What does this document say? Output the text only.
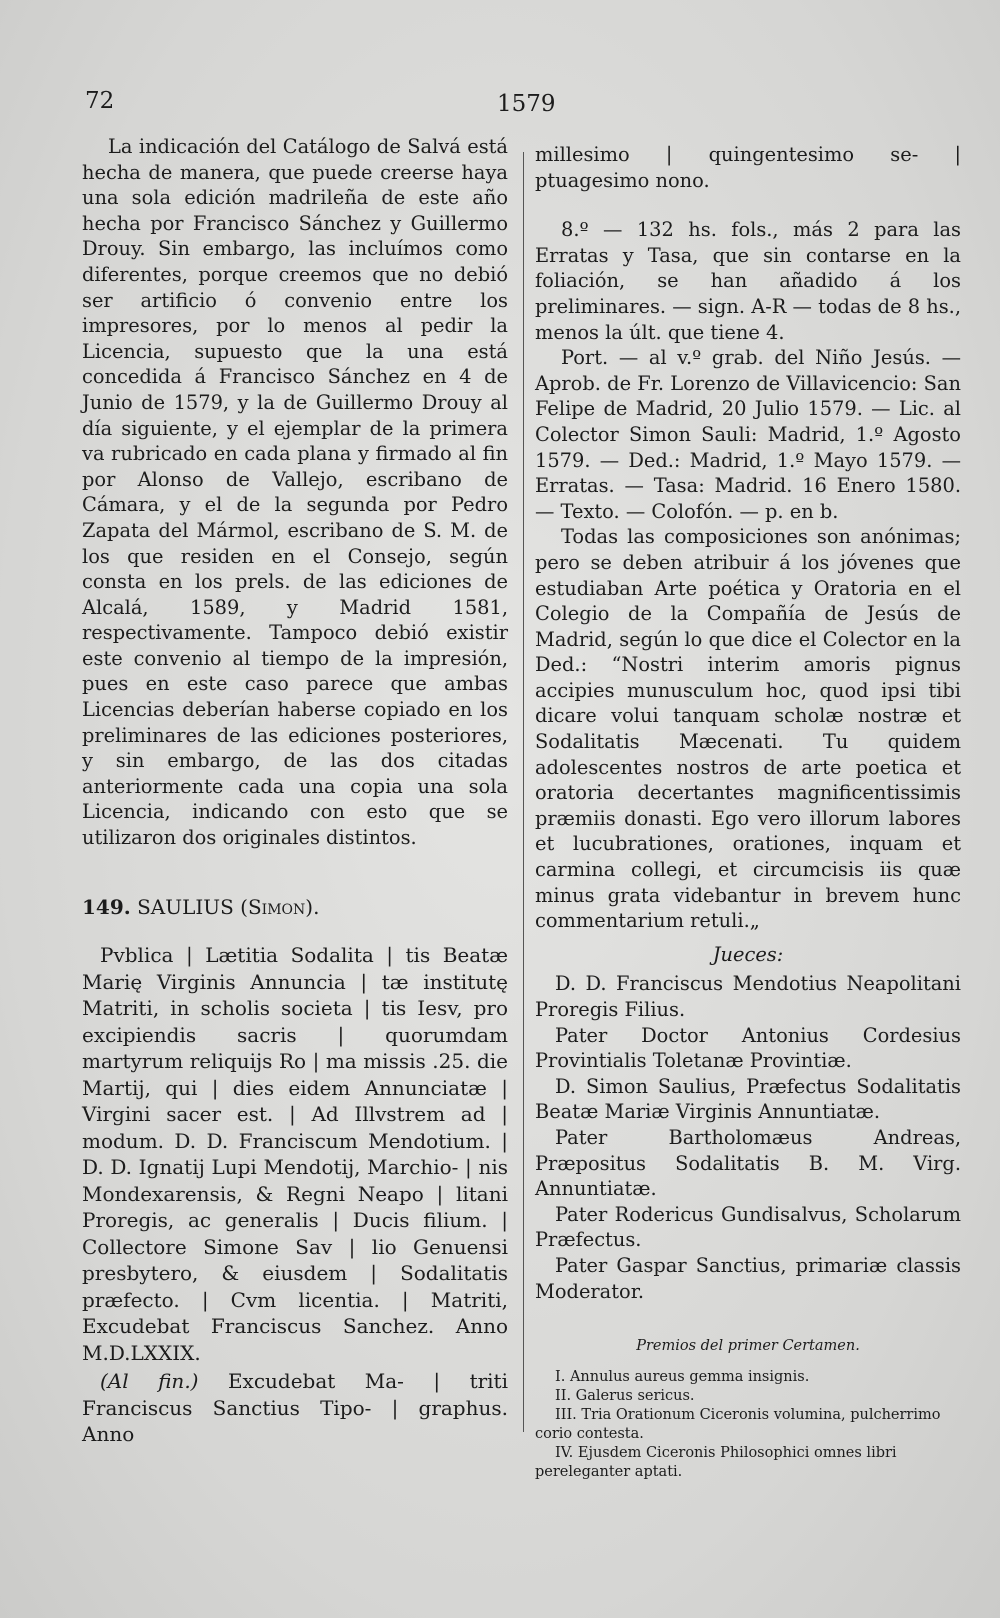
72	1579

La indicación del Catálogo de Salvá está hecha de manera, que puede creerse haya una sola edición madrileña de este año hecha por Francisco Sánchez y Guillermo Drouy. Sin embargo, las incluímos como diferentes, porque creemos que no debió ser artificio ó convenio entre los impresores, por lo menos al pedir la Licencia, supuesto que la una está concedida á Francisco Sánchez en 4 de Junio de 1579, y la de Guillermo Drouy al día siguiente, y el ejemplar de la primera va rubricado en cada plana y firmado al fin por Alonso de Vallejo, escribano de Cámara, y el de la segunda por Pedro Zapata del Mármol, escribano de S. M. de los que residen en el Consejo, según consta en los prels. de las ediciones de Alcalá, 1589, y Madrid 1581, respectivamente. Tampoco debió existir este convenio al tiempo de la impresión, pues en este caso parece que ambas Licencias deberían haberse copiado en los preliminares de las ediciones posteriores, y sin embargo, de las dos citadas anteriormente cada una copia una sola Licencia, indicando con esto que se utilizaron dos originales distintos.

149. SAULIUS (Simon).

Pvblica | Lætitia Sodalita | tis Beatæ Marię Virginis Annuncia | tæ institutę Matriti, in scholis societa | tis Iesv, pro excipiendis sacris | quorumdam martyrum reliquijs Ro | ma missis .25. die Martij, qui | dies eidem Annunciatæ | Virgini sacer est. | Ad Illvstrem ad | modum. D. D. Franciscum Mendotium. | D. D. Ignatij Lupi Mendotij, Marchio- | nis Mondexarensis, & Regni Neapo | litani Proregis, ac generalis | Ducis filium. | Collectore Simone Sav | lio Genuensi presbytero, & eiusdem | Sodalitatis præfecto. | Cvm licentia. | Matriti, Excudebat Franciscus Sanchez. Anno M.D.LXXIX.

(Al fin.) Excudebat Ma- | triti Franciscus Sanctius Tipo- | graphus. Anno

millesimo | quingentesimo se- | ptuagesimo nono.

8.º — 132 hs. fols., más 2 para las Erratas y Tasa, que sin contarse en la foliación, se han añadido á los preliminares. — sign. A-R — todas de 8 hs., menos la últ. que tiene 4.

Port. — al v.º grab. del Niño Jesús. — Aprob. de Fr. Lorenzo de Villavicencio: San Felipe de Madrid, 20 Julio 1579. — Lic. al Colector Simon Sauli: Madrid, 1.º Agosto 1579. — Ded.: Madrid, 1.º Mayo 1579. — Erratas. — Tasa: Madrid. 16 Enero 1580. — Texto. — Colofón. — p. en b.

Todas las composiciones son anónimas; pero se deben atribuir á los jóvenes que estudiaban Arte poética y Oratoria en el Colegio de la Compañía de Jesús de Madrid, según lo que dice el Colector en la Ded.: “Nostri interim amoris pignus accipies munusculum hoc, quod ipsi tibi dicare volui tanquam scholæ nostræ et Sodalitatis Mæcenati. Tu quidem adolescentes nostros de arte poetica et oratoria decertantes magnificentissimis præmiis donasti. Ego vero illorum labores et lucubrationes, orationes, inquam et carmina collegi, et circumcisis iis quæ minus grata videbantur in brevem hunc commentarium retuli.„

Jueces:

D. D. Franciscus Mendotius Neapolitani Proregis Filius.

Pater Doctor Antonius Cordesius Provintialis Toletanæ Provintiæ.

D. Simon Saulius, Præfectus Sodalitatis Beatæ Mariæ Virginis Annuntiatæ.

Pater Bartholomæus Andreas, Præpositus Sodalitatis B. M. Virg. Annuntiatæ.

Pater Rodericus Gundisalvus, Scholarum Præfectus.

Pater Gaspar Sanctius, primariæ classis Moderator.

Premios del primer Certamen.

I. Annulus aureus gemma insignis.

II. Galerus sericus.

III. Tria Orationum Ciceronis volumina, pulcherrimo corio contesta.

IV. Ejusdem Ciceronis Philosophici omnes libri pereleganter aptati.
